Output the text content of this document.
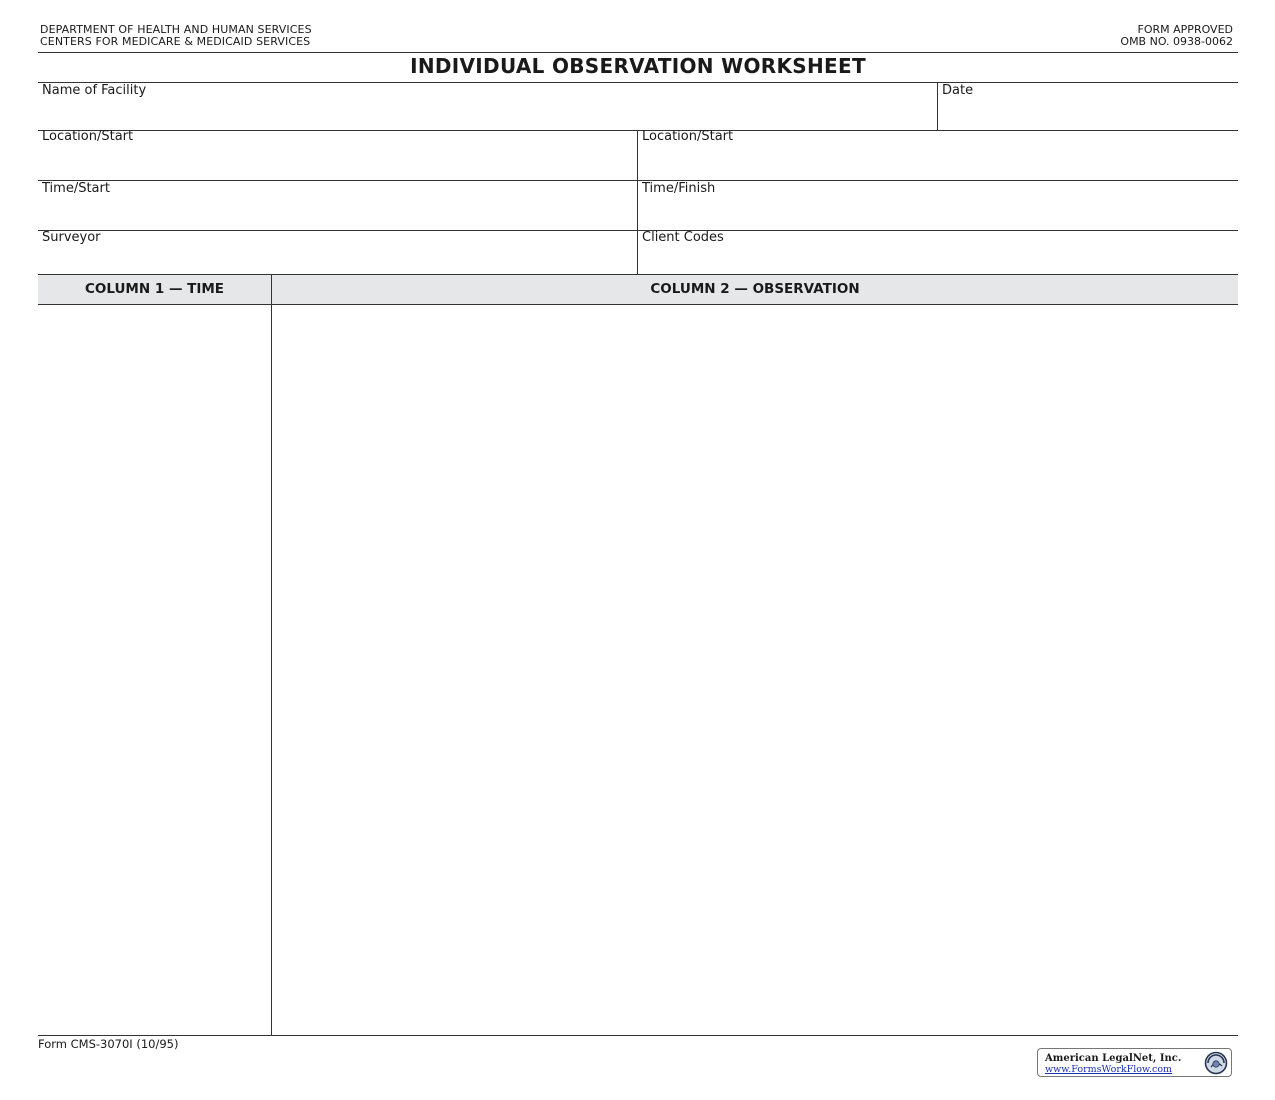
DEPARTMENT OF HEALTH AND HUMAN SERVICES
CENTERS FOR MEDICARE & MEDICAID SERVICES
FORM APPROVED
OMB NO. 0938-0062
INDIVIDUAL OBSERVATION WORKSHEET
Name of Facility	Date
Location/Start	Location/Start
Time/Start	Time/Finish
Surveyor	Client Codes
COLUMN 1 — TIME	COLUMN 2 — OBSERVATION
Form CMS-3070I (10/95)
American LegalNet, Inc.
www.FormsWorkFlow.com
